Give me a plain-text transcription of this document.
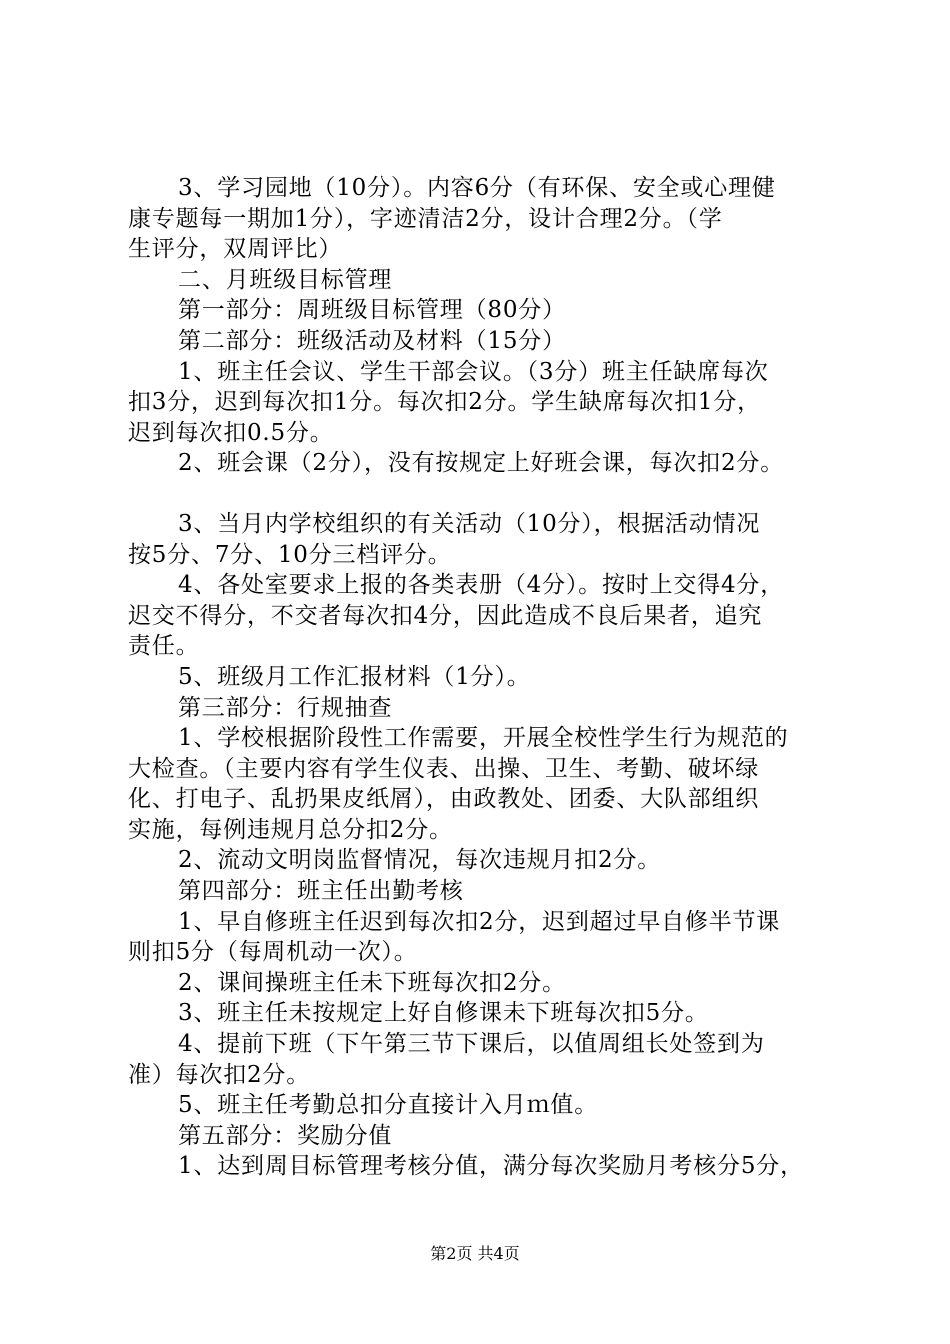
3、学习园地（10分）。内容6分（有环保、安全或心理健
康专题每一期加1分），字迹清洁2分，设计合理2分。（学
生评分，双周评比）
二、月班级目标管理
第一部分：周班级目标管理（80分）
第二部分：班级活动及材料（15分）
1、班主任会议、学生干部会议。（3分）班主任缺席每次
扣3分，迟到每次扣1分。每次扣2分。学生缺席每次扣1分，
迟到每次扣0.5分。
2、班会课（2分），没有按规定上好班会课，每次扣2分。
3、当月内学校组织的有关活动（10分），根据活动情况
按5分、7分、10分三档评分。
4、各处室要求上报的各类表册（4分）。按时上交得4分，
迟交不得分，不交者每次扣4分，因此造成不良后果者，追究
责任。
5、班级月工作汇报材料（1分）。
第三部分：行规抽查
1、学校根据阶段性工作需要，开展全校性学生行为规范的
大检查。（主要内容有学生仪表、出操、卫生、考勤、破坏绿
化、打电子、乱扔果皮纸屑），由政教处、团委、大队部组织
实施，每例违规月总分扣2分。
2、流动文明岗监督情况，每次违规月扣2分。
第四部分：班主任出勤考核
1、早自修班主任迟到每次扣2分，迟到超过早自修半节课
则扣5分（每周机动一次）。
2、课间操班主任未下班每次扣2分。
3、班主任未按规定上好自修课未下班每次扣5分。
4、提前下班（下午第三节下课后，以值周组长处签到为
准）每次扣2分。
5、班主任考勤总扣分直接计入月ｍ值。
第五部分：奖励分值
1、达到周目标管理考核分值，满分每次奖励月考核分5分，
第2页 共4页
